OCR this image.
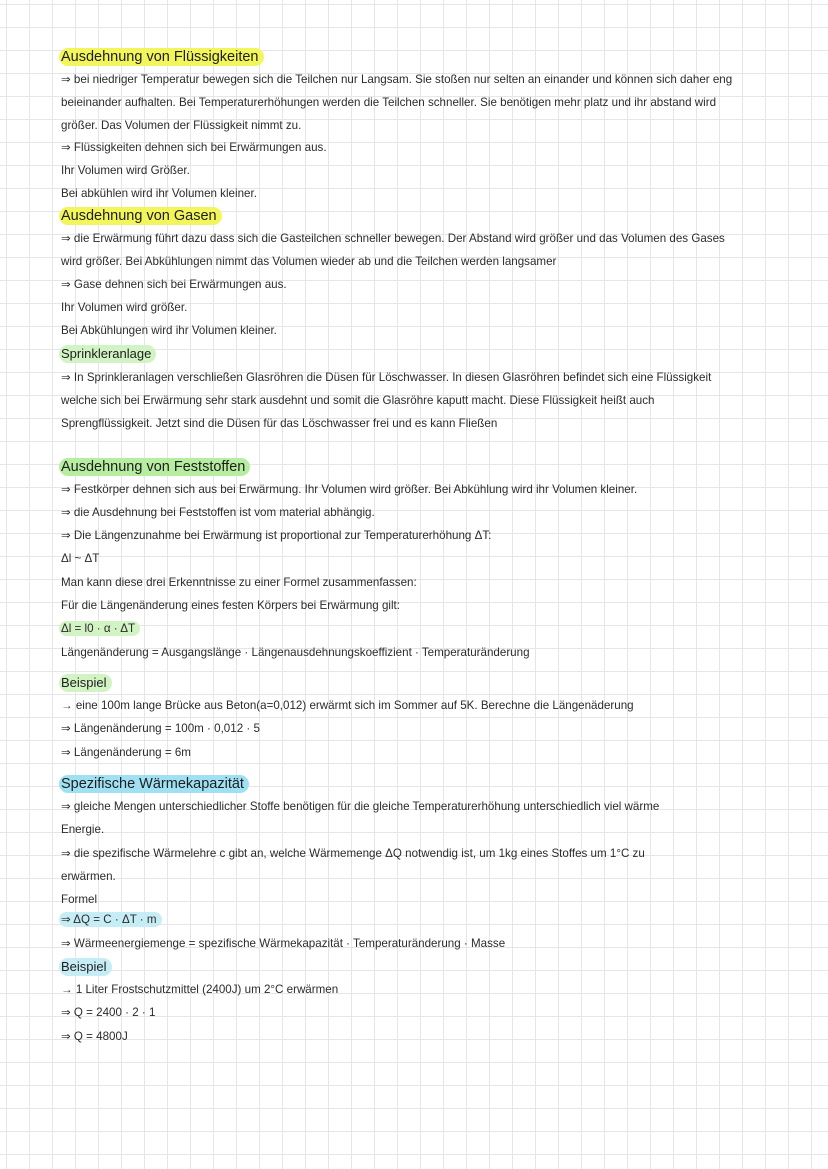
Ausdehnung von Flüssigkeiten
⇒ bei niedriger Temperatur bewegen sich die Teilchen nur Langsam. Sie stoßen nur selten an einander und können sich daher eng
beieinander aufhalten. Bei Temperaturerhöhungen werden die Teilchen schneller. Sie benötigen mehr platz und ihr abstand wird
größer. Das Volumen der Flüssigkeit nimmt zu.
⇒ Flüssigkeiten dehnen sich bei Erwärmungen aus.
Ihr Volumen wird Größer.
Bei abkühlen wird ihr Volumen kleiner.
Ausdehnung von Gasen
⇒ die Erwärmung führt dazu dass sich die Gasteilchen schneller bewegen. Der Abstand wird größer und das Volumen des Gases
wird größer. Bei Abkühlungen nimmt das Volumen wieder ab und die Teilchen werden langsamer
⇒ Gase dehnen sich bei Erwärmungen aus.
Ihr Volumen wird größer.
Bei Abkühlungen wird ihr Volumen kleiner.
Sprinkleranlage
⇒ In Sprinkleranlagen verschließen Glasröhren die Düsen für Löschwasser. In diesen Glasröhren befindet sich eine Flüssigkeit
welche sich bei Erwärmung sehr stark ausdehnt und somit die Glasröhre kaputt macht. Diese Flüssigkeit heißt auch
Sprengflüssigkeit. Jetzt sind die Düsen für das Löschwasser frei und es kann Fließen
Ausdehnung von Feststoffen
⇒ Festkörper dehnen sich aus bei Erwärmung. Ihr Volumen wird größer. Bei Abkühlung wird ihr Volumen kleiner.
⇒ die Ausdehnung bei Feststoffen ist vom material abhängig.
⇒ Die Längenzunahme bei Erwärmung ist proportional zur Temperaturerhöhung ΔT:
Δl ~ ΔT
Man kann diese drei Erkenntnisse zu einer Formel zusammenfassen:
Für die Längenänderung eines festen Körpers bei Erwärmung gilt:
Δl = l0 · α · ΔT
Längenänderung = Ausgangslänge · Längenausdehnungskoeffizient · Temperaturänderung
Beispiel
→ eine 100m lange Brücke aus Beton(a=0,012) erwärmt sich im Sommer auf 5K. Berechne die Längenäderung
⇒ Längenänderung = 100m · 0,012 · 5
⇒ Längenänderung = 6m
Spezifische Wärmekapazität
⇒ gleiche Mengen unterschiedlicher Stoffe benötigen für die gleiche Temperaturerhöhung unterschiedlich viel wärme
Energie.
⇒ die spezifische Wärmelehre c gibt an, welche Wärmemenge ΔQ notwendig ist, um 1kg eines Stoffes um 1°C zu
erwärmen.
Formel
⇒ ΔQ = C · ΔT · m
⇒ Wärmeenergiemenge = spezifische Wärmekapazität · Temperaturänderung · Masse
Beispiel
→ 1 Liter Frostschutzmittel (2400J) um 2°C erwärmen
⇒ Q = 2400 · 2 · 1
⇒ Q = 4800J
